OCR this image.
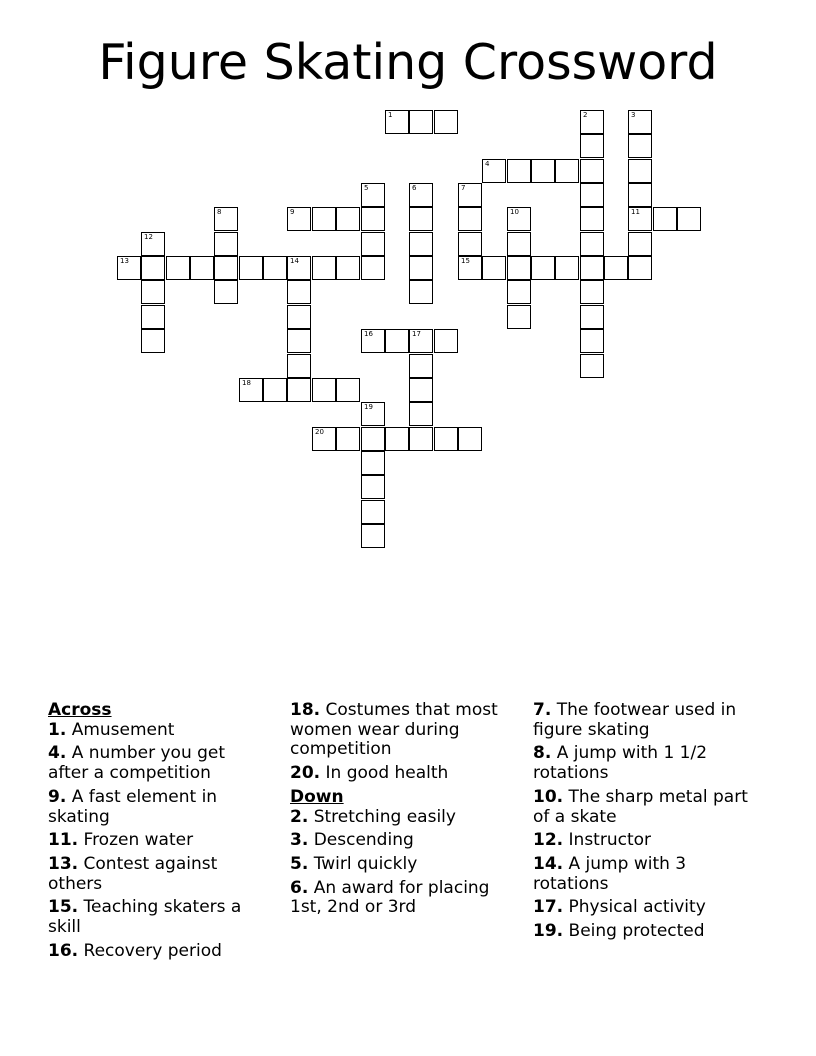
Figure Skating Crossword
1
4
9	11
13	14	15
16	17
18
20
2	3
5	6	7
8	10
12
19
Across
1. Amusement
4. A number you get after a competition
9. A fast element in skating
11. Frozen water
13. Contest against others
15. Teaching skaters a skill
16. Recovery period
18. Costumes that most women wear during competition
20. In good health
Down
2. Stretching easily
3. Descending
5. Twirl quickly
6. An award for placing 1st, 2nd or 3rd
7. The footwear used in figure skating
8. A jump with 1 1/2 rotations
10. The sharp metal part of a skate
12. Instructor
14. A jump with 3 rotations
17. Physical activity
19. Being protected
